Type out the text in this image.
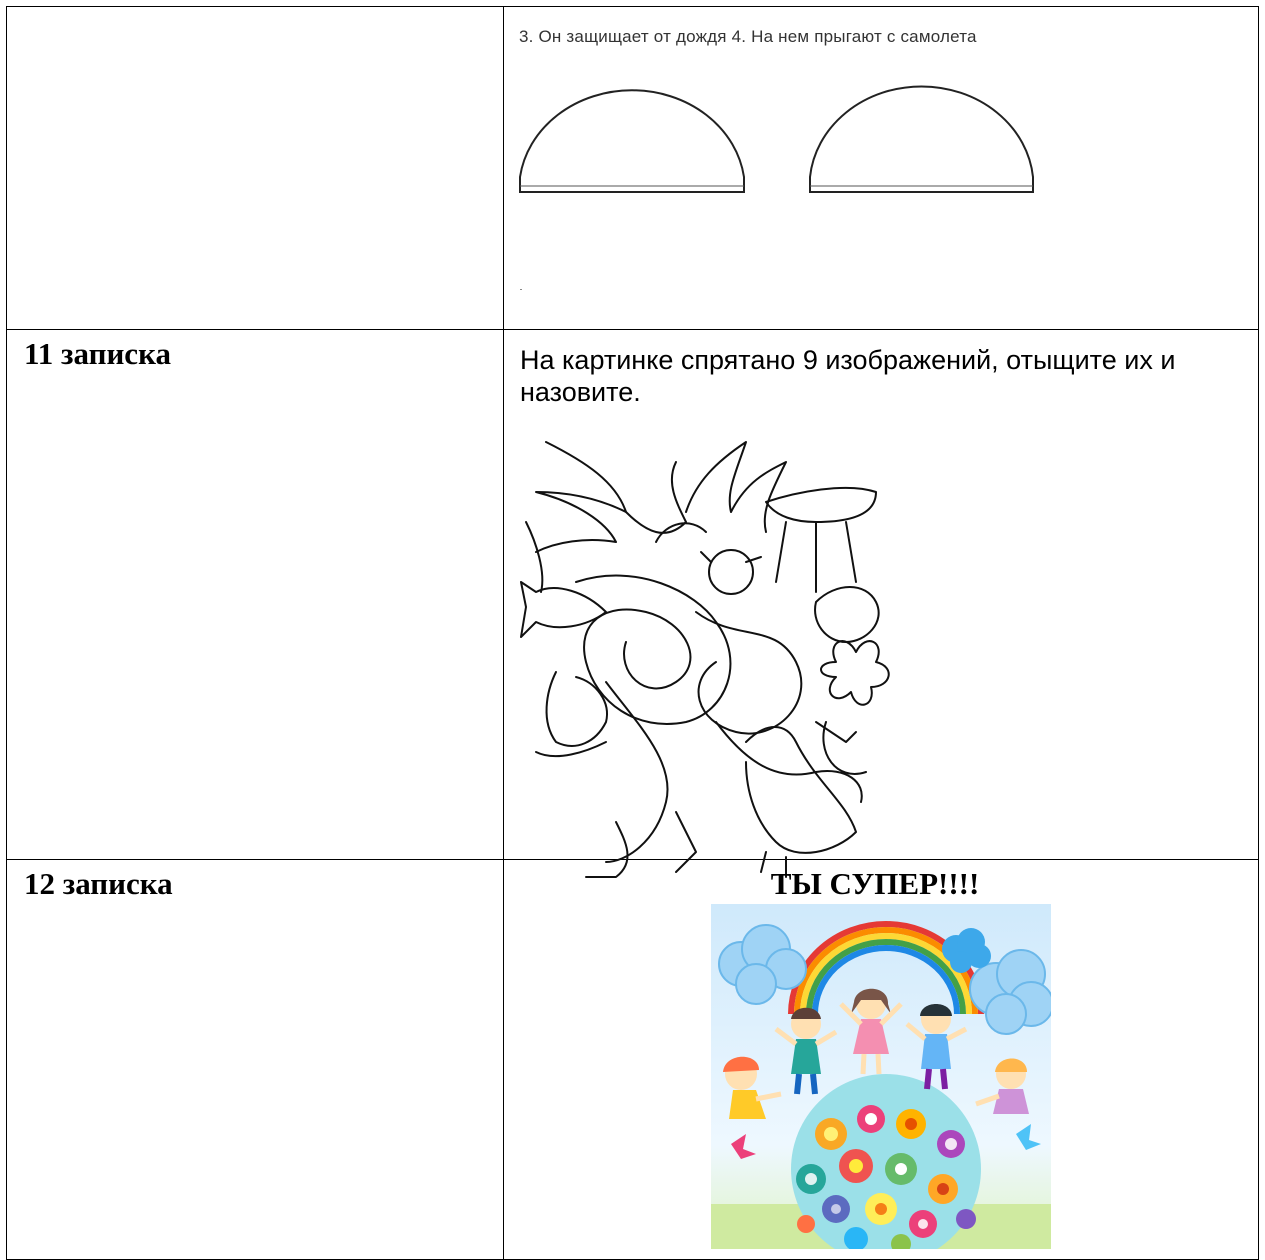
	3. Он защищает от дождя 4. На нем прыгают с самолета

11 записка	На картинке спрятано 9 изображений, отыщите их и назовите.

12 записка	ТЫ СУПЕР!!!!
